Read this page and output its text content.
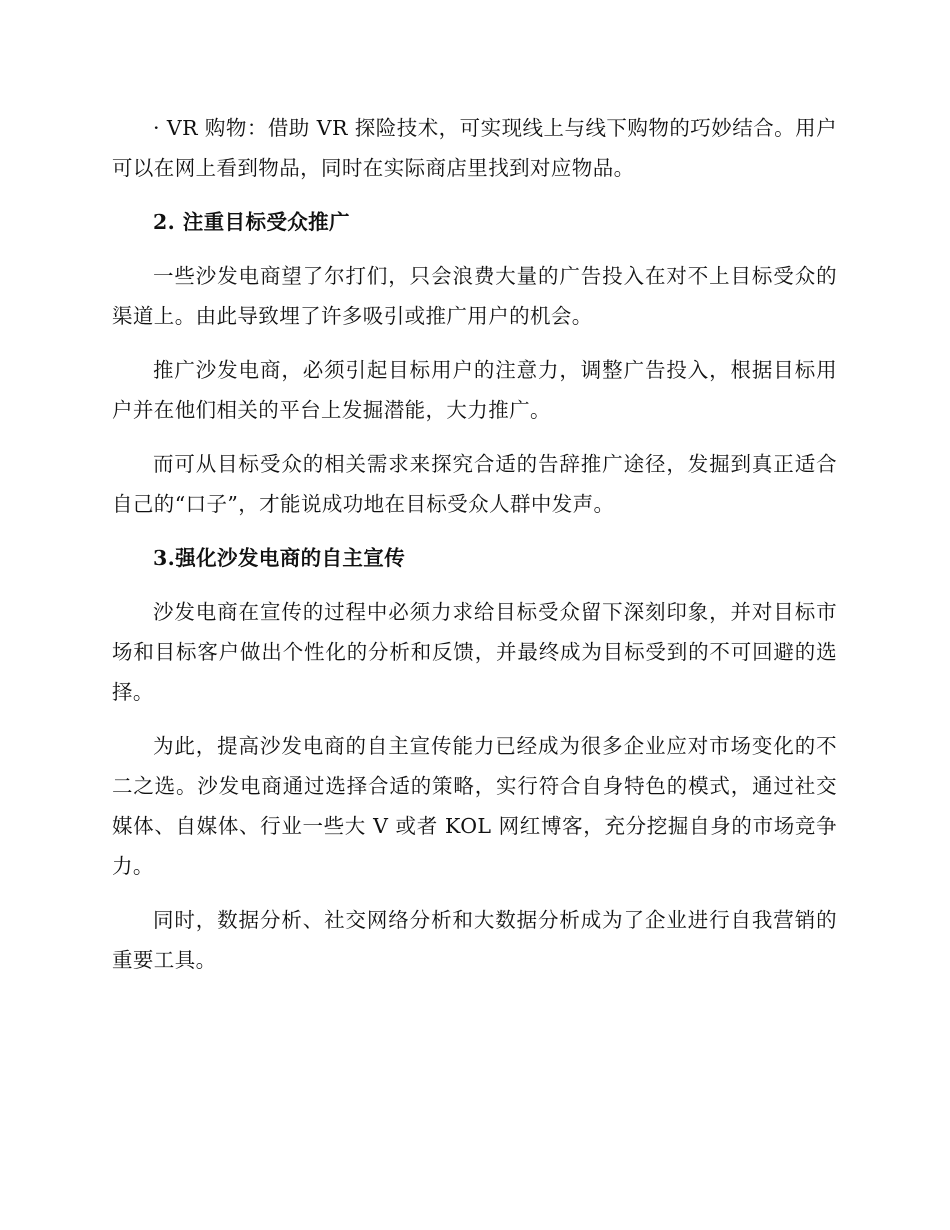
· VR 购物：借助 VR 探险技术，可实现线上与线下购物的巧妙结合。用户可以在网上看到物品，同时在实际商店里找到对应物品。

2. 注重目标受众推广

一些沙发电商望了尔打们，只会浪费大量的广告投入在对不上目标受众的渠道上。由此导致埋了许多吸引或推广用户的机会。

推广沙发电商，必须引起目标用户的注意力，调整广告投入，根据目标用户并在他们相关的平台上发掘潜能，大力推广。

而可从目标受众的相关需求来探究合适的告辞推广途径，发掘到真正适合自己的“口子”，才能说成功地在目标受众人群中发声。

3.强化沙发电商的自主宣传

沙发电商在宣传的过程中必须力求给目标受众留下深刻印象，并对目标市场和目标客户做出个性化的分析和反馈，并最终成为目标受到的不可回避的选择。

为此，提高沙发电商的自主宣传能力已经成为很多企业应对市场变化的不二之选。沙发电商通过选择合适的策略，实行符合自身特色的模式，通过社交媒体、自媒体、行业一些大 V 或者 KOL 网红博客，充分挖掘自身的市场竞争力。

同时，数据分析、社交网络分析和大数据分析成为了企业进行自我营销的重要工具。
